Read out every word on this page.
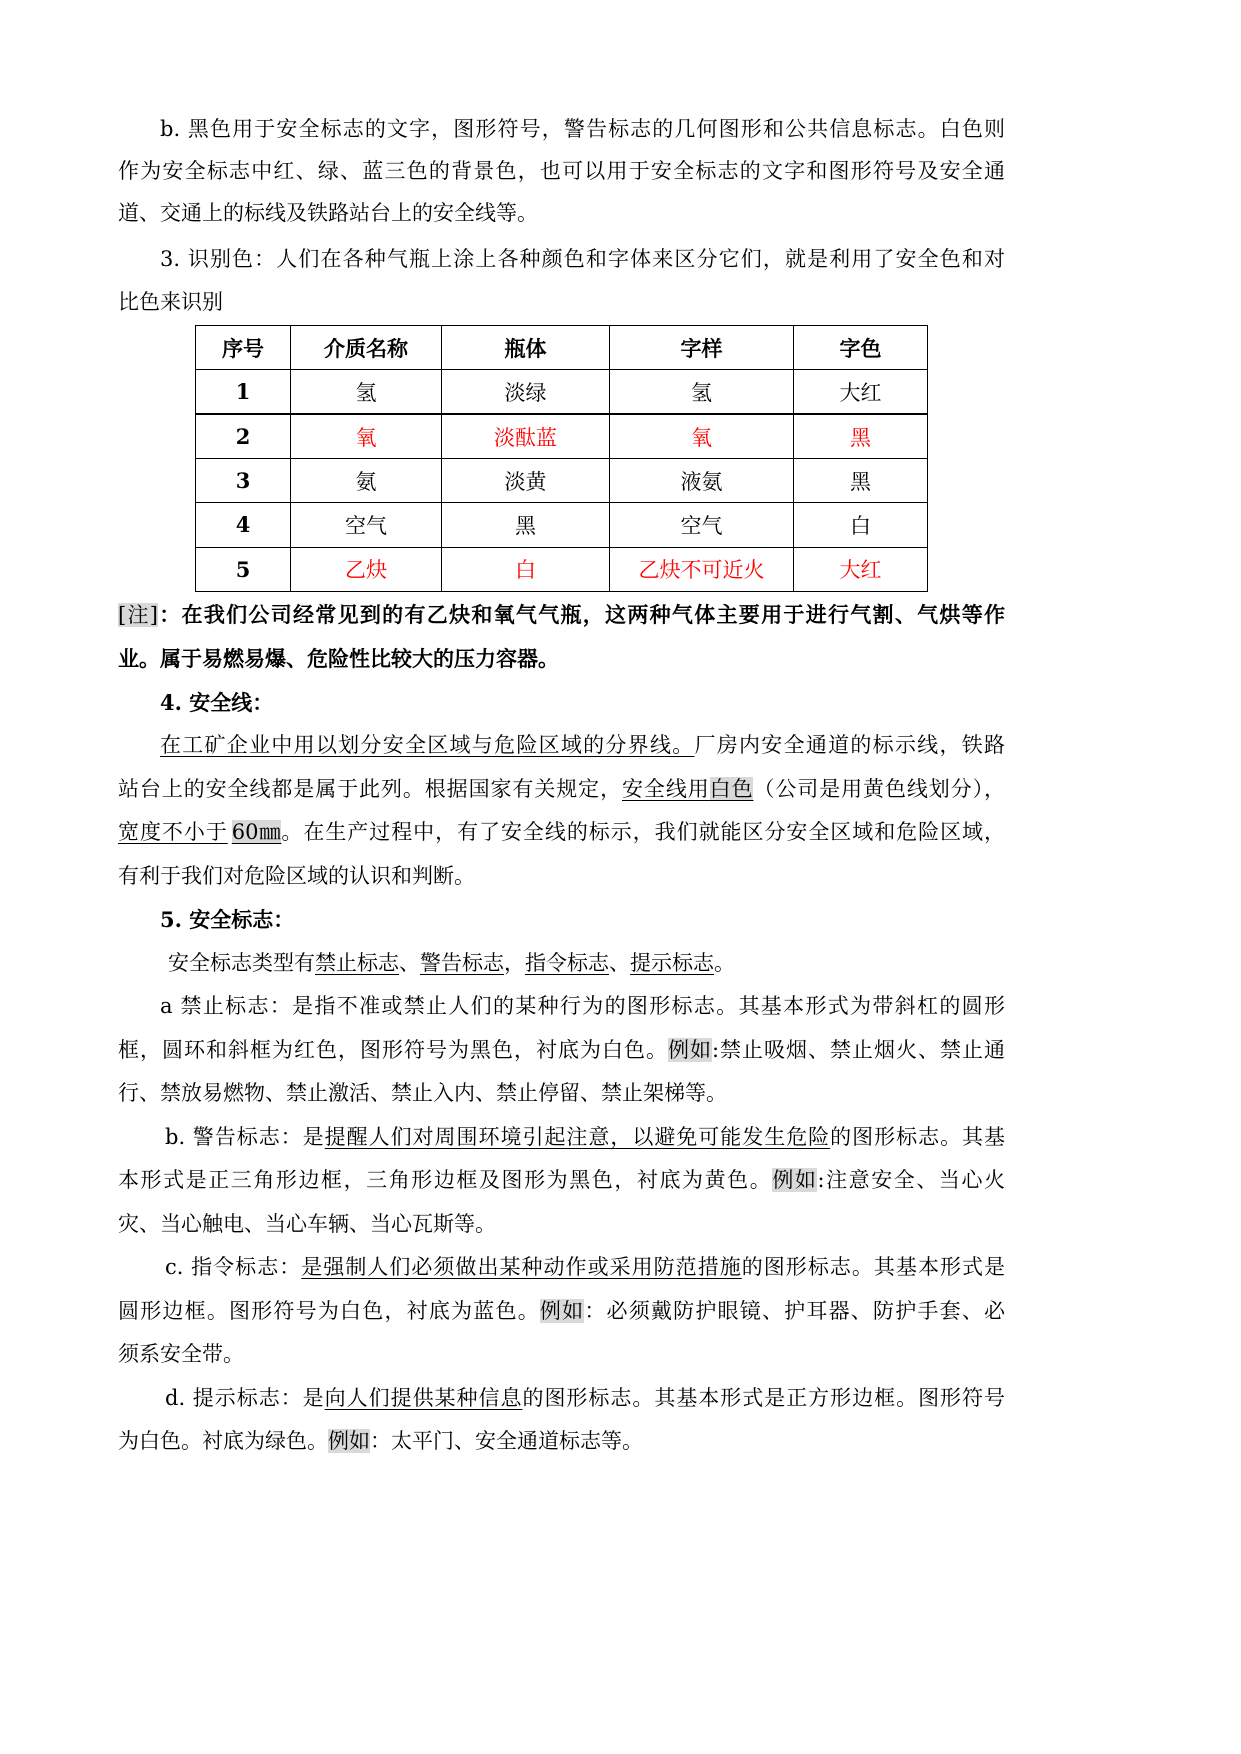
b. 黑色用于安全标志的文字，图形符号，警告标志的几何图形和公共信息标志。白色则
作为安全标志中红、绿、蓝三色的背景色，也可以用于安全标志的文字和图形符号及安全通
道、交通上的标线及铁路站台上的安全线等。
3. 识别色：人们在各种气瓶上涂上各种颜色和字体来区分它们，就是利用了安全色和对
比色来识别
序号	介质名称	瓶体	字样	字色
1	氢	淡绿	氢	大红
2	氧	淡酞蓝	氧	黑
3	氨	淡黄	液氨	黑
4	空气	黑	空气	白
5	乙炔	白	乙炔不可近火	大红
[注]：在我们公司经常见到的有乙炔和氧气气瓶，这两种气体主要用于进行气割、气烘等作
业。属于易燃易爆、危险性比较大的压力容器。
4. 安全线：
在工矿企业中用以划分安全区域与危险区域的分界线。厂房内安全通道的标示线，铁路
站台上的安全线都是属于此列。根据国家有关规定，安全线用白色（公司是用黄色线划分），
宽度不小于 60㎜。在生产过程中，有了安全线的标示，我们就能区分安全区域和危险区域，
有利于我们对危险区域的认识和判断。
5. 安全标志：
安全标志类型有禁止标志、警告标志，指令标志、提示标志。
a 禁止标志：是指不准或禁止人们的某种行为的图形标志。其基本形式为带斜杠的圆形
框，圆环和斜框为红色，图形符号为黑色，衬底为白色。例如:禁止吸烟、禁止烟火、禁止通
行、禁放易燃物、禁止激活、禁止入内、禁止停留、禁止架梯等。
b. 警告标志：是提醒人们对周围环境引起注意，以避免可能发生危险的图形标志。其基
本形式是正三角形边框，三角形边框及图形为黑色，衬底为黄色。例如:注意安全、当心火
灾、当心触电、当心车辆、当心瓦斯等。
c. 指令标志：是强制人们必须做出某种动作或采用防范措施的图形标志。其基本形式是
圆形边框。图形符号为白色，衬底为蓝色。例如：必须戴防护眼镜、护耳器、防护手套、必
须系安全带。
d. 提示标志：是向人们提供某种信息的图形标志。其基本形式是正方形边框。图形符号
为白色。衬底为绿色。例如：太平门、安全通道标志等。
